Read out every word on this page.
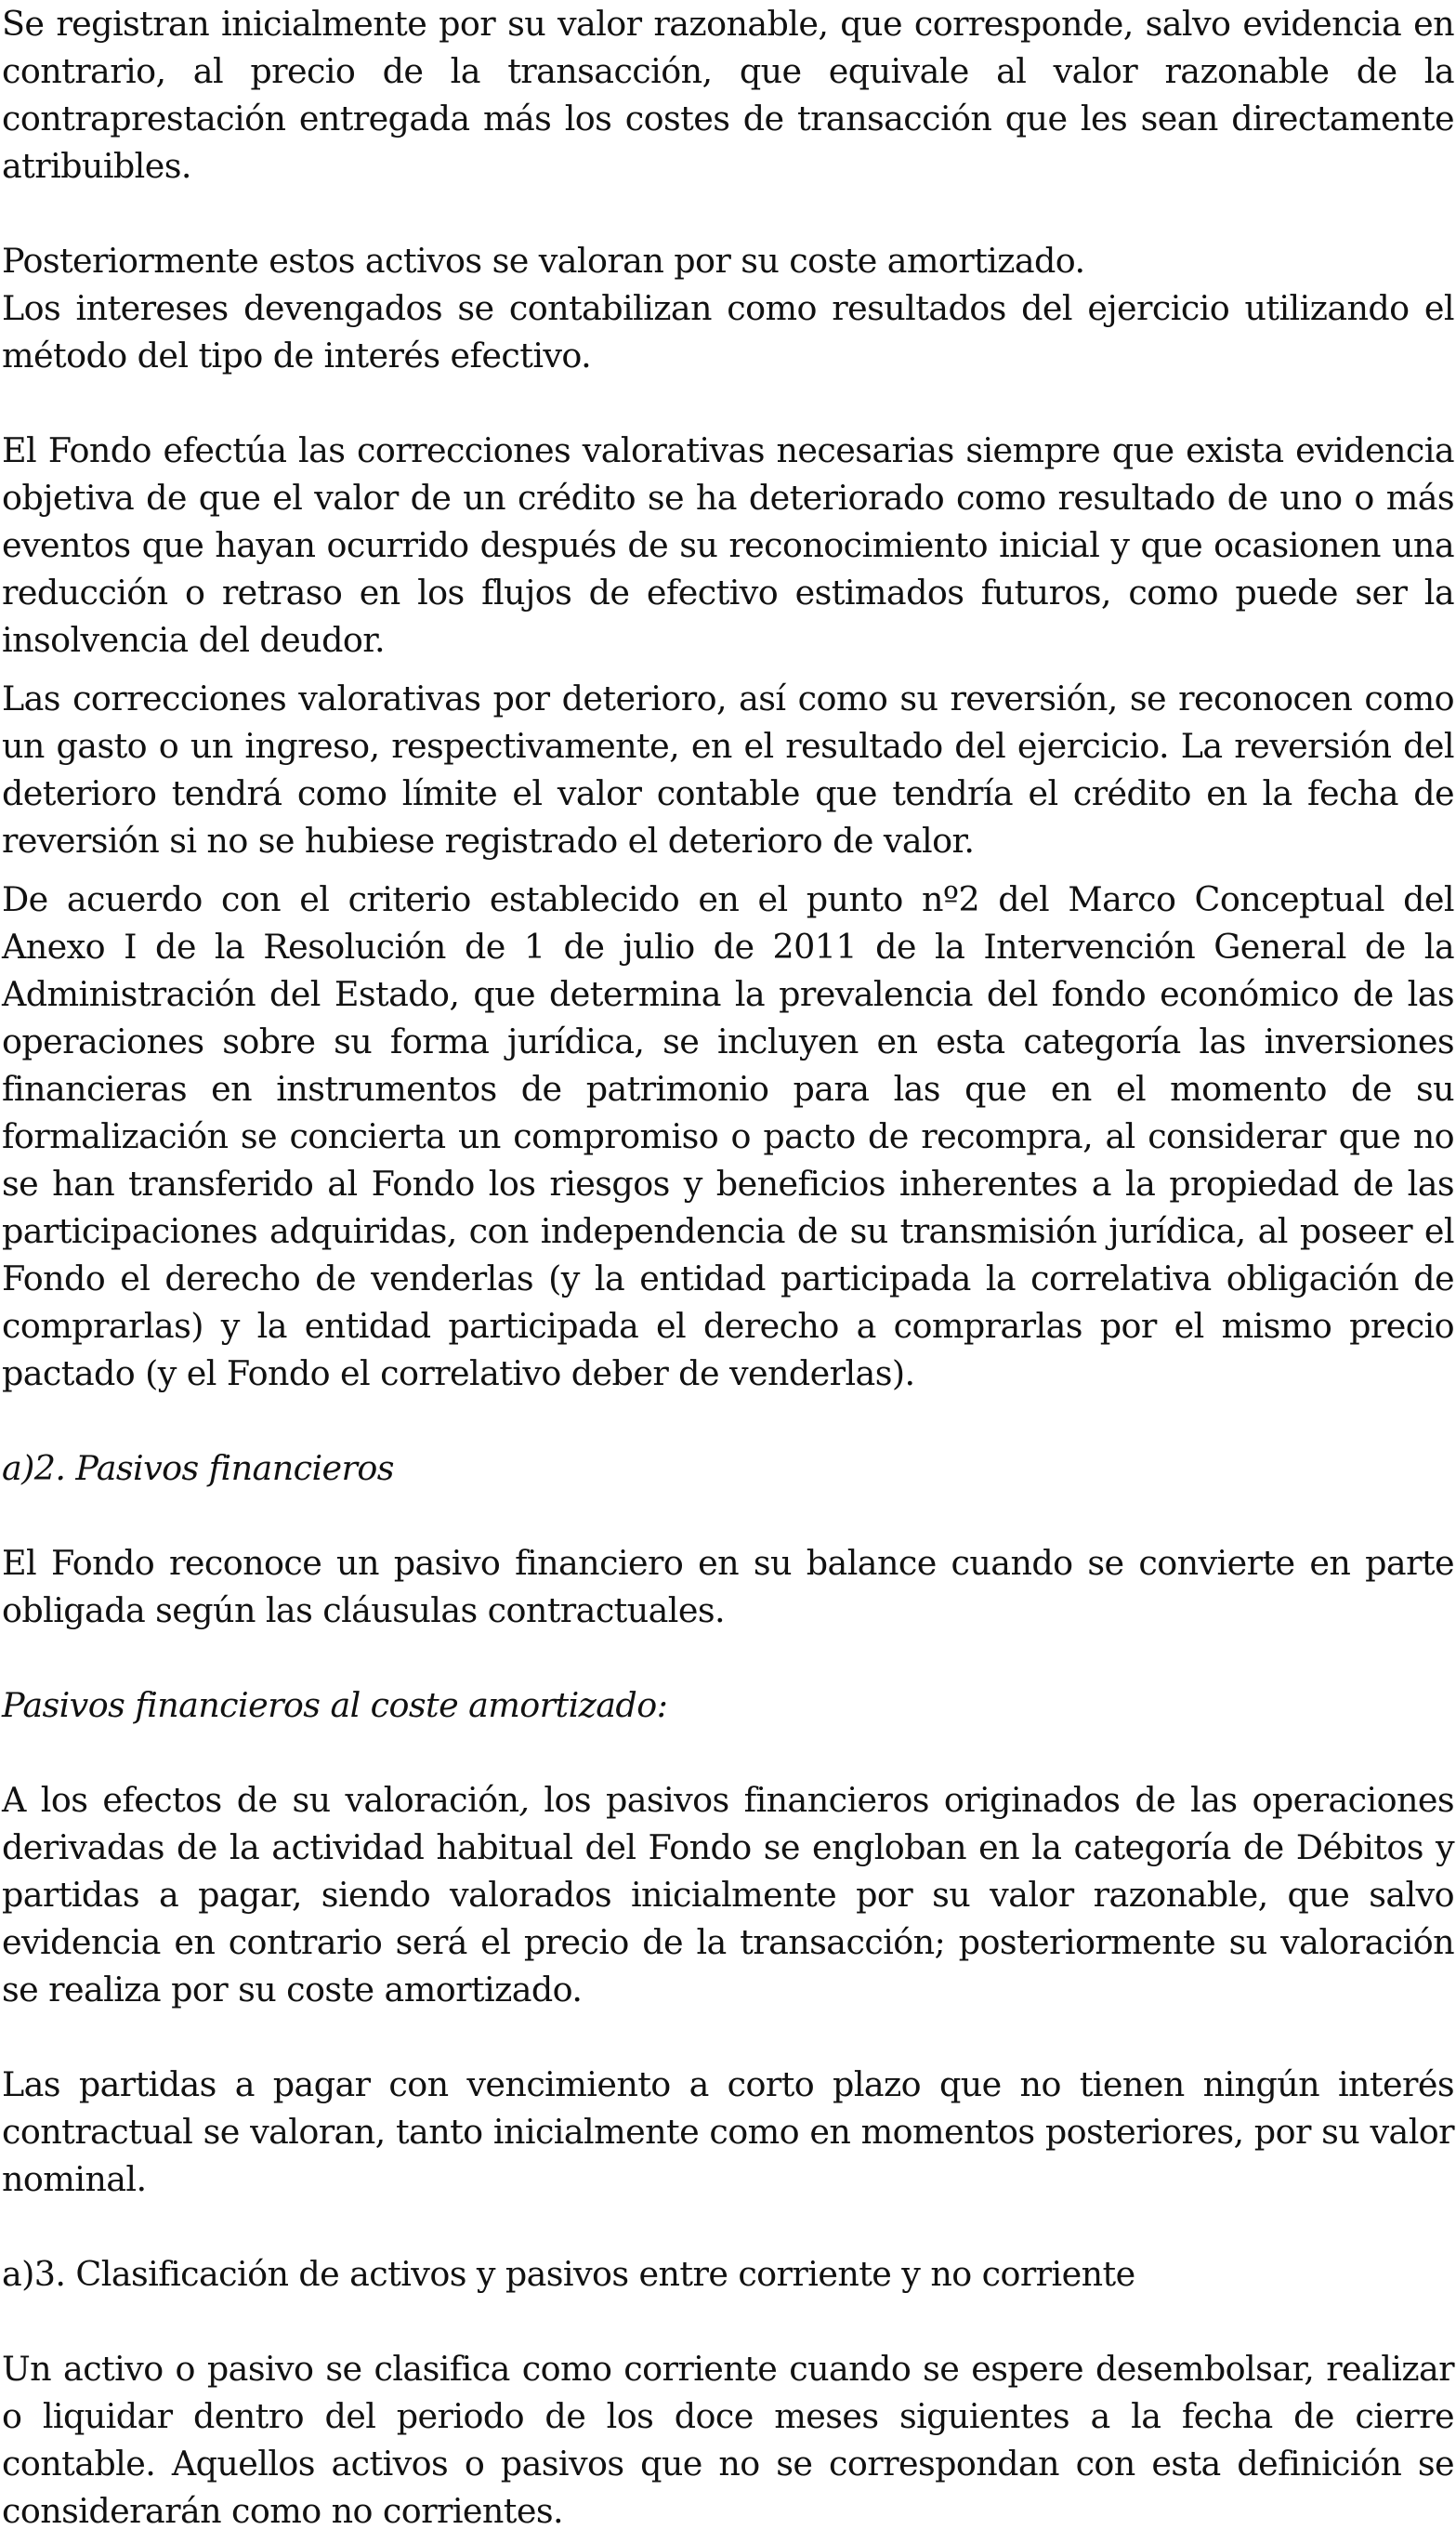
Se registran inicialmente por su valor razonable, que corresponde, salvo evidencia en contrario, al precio de la transacción, que equivale al valor razonable de la contraprestación entregada más los costes de transacción que les sean directamente atribuibles.

Posteriormente estos activos se valoran por su coste amortizado.

Los intereses devengados se contabilizan como resultados del ejercicio utilizando el método del tipo de interés efectivo.

El Fondo efectúa las correcciones valorativas necesarias siempre que exista evidencia objetiva de que el valor de un crédito se ha deteriorado como resultado de uno o más eventos que hayan ocurrido después de su reconocimiento inicial y que ocasionen una reducción o retraso en los flujos de efectivo estimados futuros, como puede ser la insolvencia del deudor.

Las correcciones valorativas por deterioro, así como su reversión, se reconocen como un gasto o un ingreso, respectivamente, en el resultado del ejercicio. La reversión del deterioro tendrá como límite el valor contable que tendría el crédito en la fecha de reversión si no se hubiese registrado el deterioro de valor.

De acuerdo con el criterio establecido en el punto nº2 del Marco Conceptual del Anexo I de la Resolución de 1 de julio de 2011 de la Intervención General de la Administración del Estado, que determina la prevalencia del fondo económico de las operaciones sobre su forma jurídica, se incluyen en esta categoría las inversiones financieras en instrumentos de patrimonio para las que en el momento de su formalización se concierta un compromiso o pacto de recompra, al considerar que no se han transferido al Fondo los riesgos y beneficios inherentes a la propiedad de las participaciones adquiridas, con independencia de su transmisión jurídica, al poseer el Fondo el derecho de venderlas (y la entidad participada la correlativa obligación de comprarlas) y la entidad participada el derecho a comprarlas por el mismo precio pactado (y el Fondo el correlativo deber de venderlas).

a)2. Pasivos financieros

El Fondo reconoce un pasivo financiero en su balance cuando se convierte en parte obligada según las cláusulas contractuales.

Pasivos financieros al coste amortizado:

A los efectos de su valoración, los pasivos financieros originados de las operaciones derivadas de la actividad habitual del Fondo se engloban en la categoría de Débitos y partidas a pagar, siendo valorados inicialmente por su valor razonable, que salvo evidencia en contrario será el precio de la transacción; posteriormente su valoración se realiza por su coste amortizado.

Las partidas a pagar con vencimiento a corto plazo que no tienen ningún interés contractual se valoran, tanto inicialmente como en momentos posteriores, por su valor nominal.

a)3. Clasificación de activos y pasivos entre corriente y no corriente

Un activo o pasivo se clasifica como corriente cuando se espere desembolsar, realizar o liquidar dentro del periodo de los doce meses siguientes a la fecha de cierre contable. Aquellos activos o pasivos que no se correspondan con esta definición se considerarán como no corrientes.
